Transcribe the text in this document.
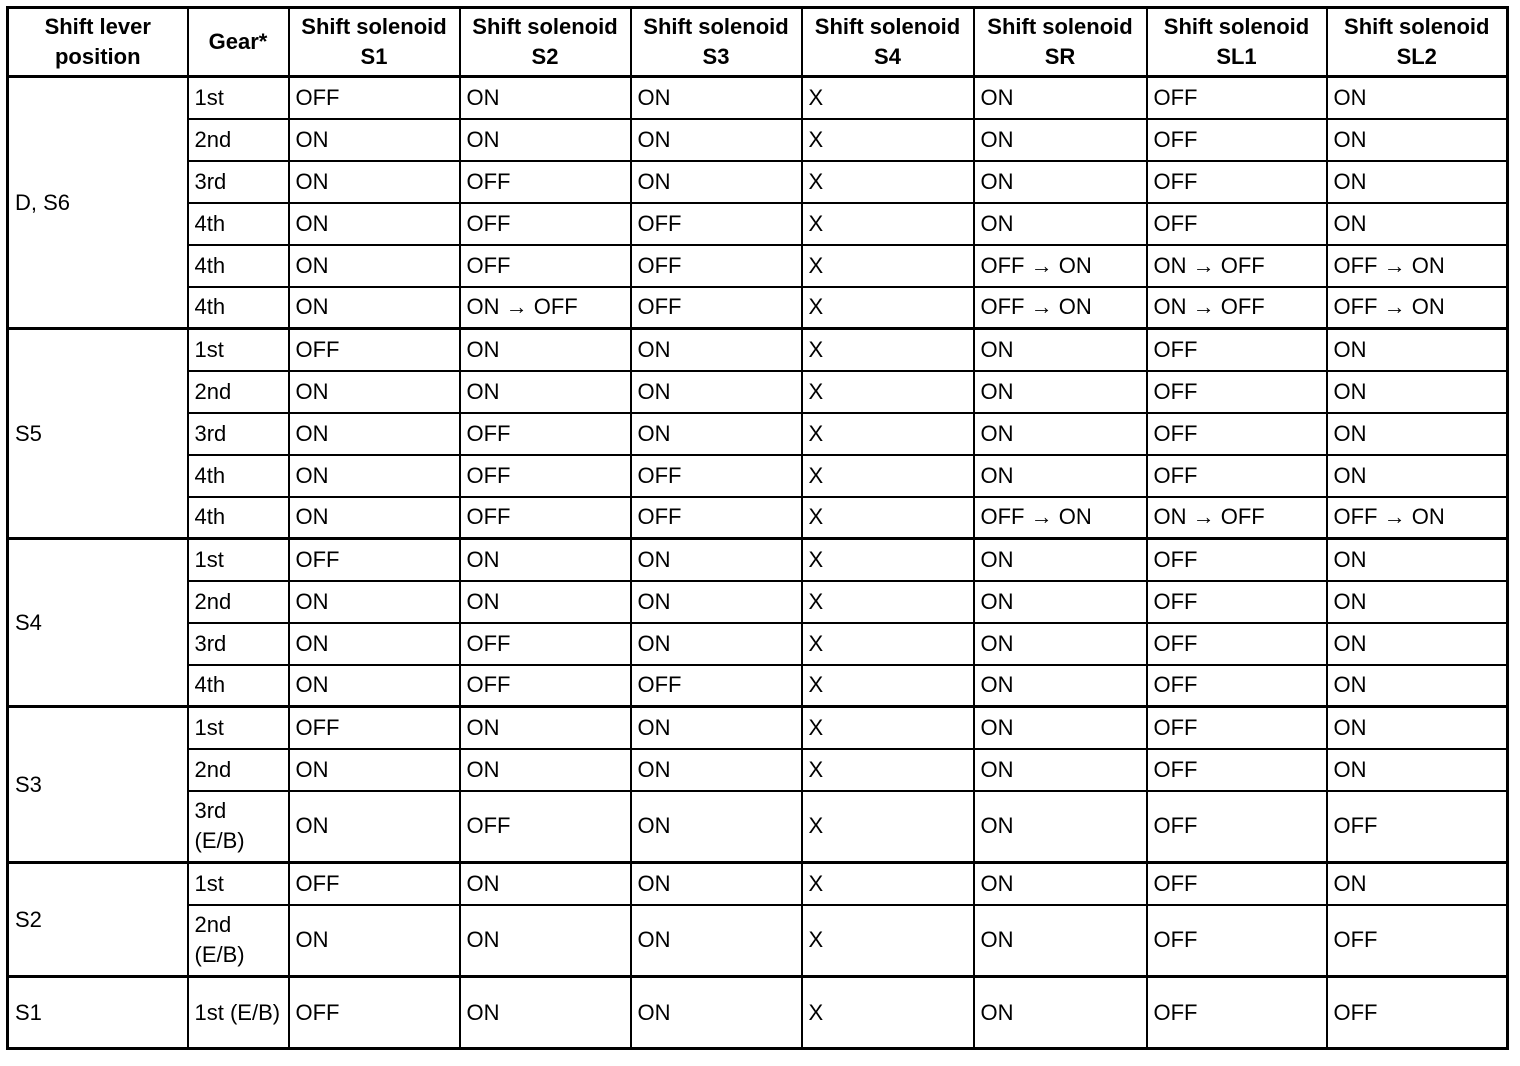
Shift lever position	Gear*	Shift solenoid S1	Shift solenoid S2	Shift solenoid S3	Shift solenoid S4	Shift solenoid SR	Shift solenoid SL1	Shift solenoid SL2
D, S6	1st	OFF	ON	ON	X	ON	OFF	ON
	2nd	ON	ON	ON	X	ON	OFF	ON
	3rd	ON	OFF	ON	X	ON	OFF	ON
	4th	ON	OFF	OFF	X	ON	OFF	ON
	4th	ON	OFF	OFF	X	OFF → ON	ON → OFF	OFF → ON
	4th	ON	ON → OFF	OFF	X	OFF → ON	ON → OFF	OFF → ON
S5	1st	OFF	ON	ON	X	ON	OFF	ON
	2nd	ON	ON	ON	X	ON	OFF	ON
	3rd	ON	OFF	ON	X	ON	OFF	ON
	4th	ON	OFF	OFF	X	ON	OFF	ON
	4th	ON	OFF	OFF	X	OFF → ON	ON → OFF	OFF → ON
S4	1st	OFF	ON	ON	X	ON	OFF	ON
	2nd	ON	ON	ON	X	ON	OFF	ON
	3rd	ON	OFF	ON	X	ON	OFF	ON
	4th	ON	OFF	OFF	X	ON	OFF	ON
S3	1st	OFF	ON	ON	X	ON	OFF	ON
	2nd	ON	ON	ON	X	ON	OFF	ON
	3rd (E/B)	ON	OFF	ON	X	ON	OFF	OFF
S2	1st	OFF	ON	ON	X	ON	OFF	ON
	2nd (E/B)	ON	ON	ON	X	ON	OFF	OFF
S1	1st (E/B)	OFF	ON	ON	X	ON	OFF	OFF
